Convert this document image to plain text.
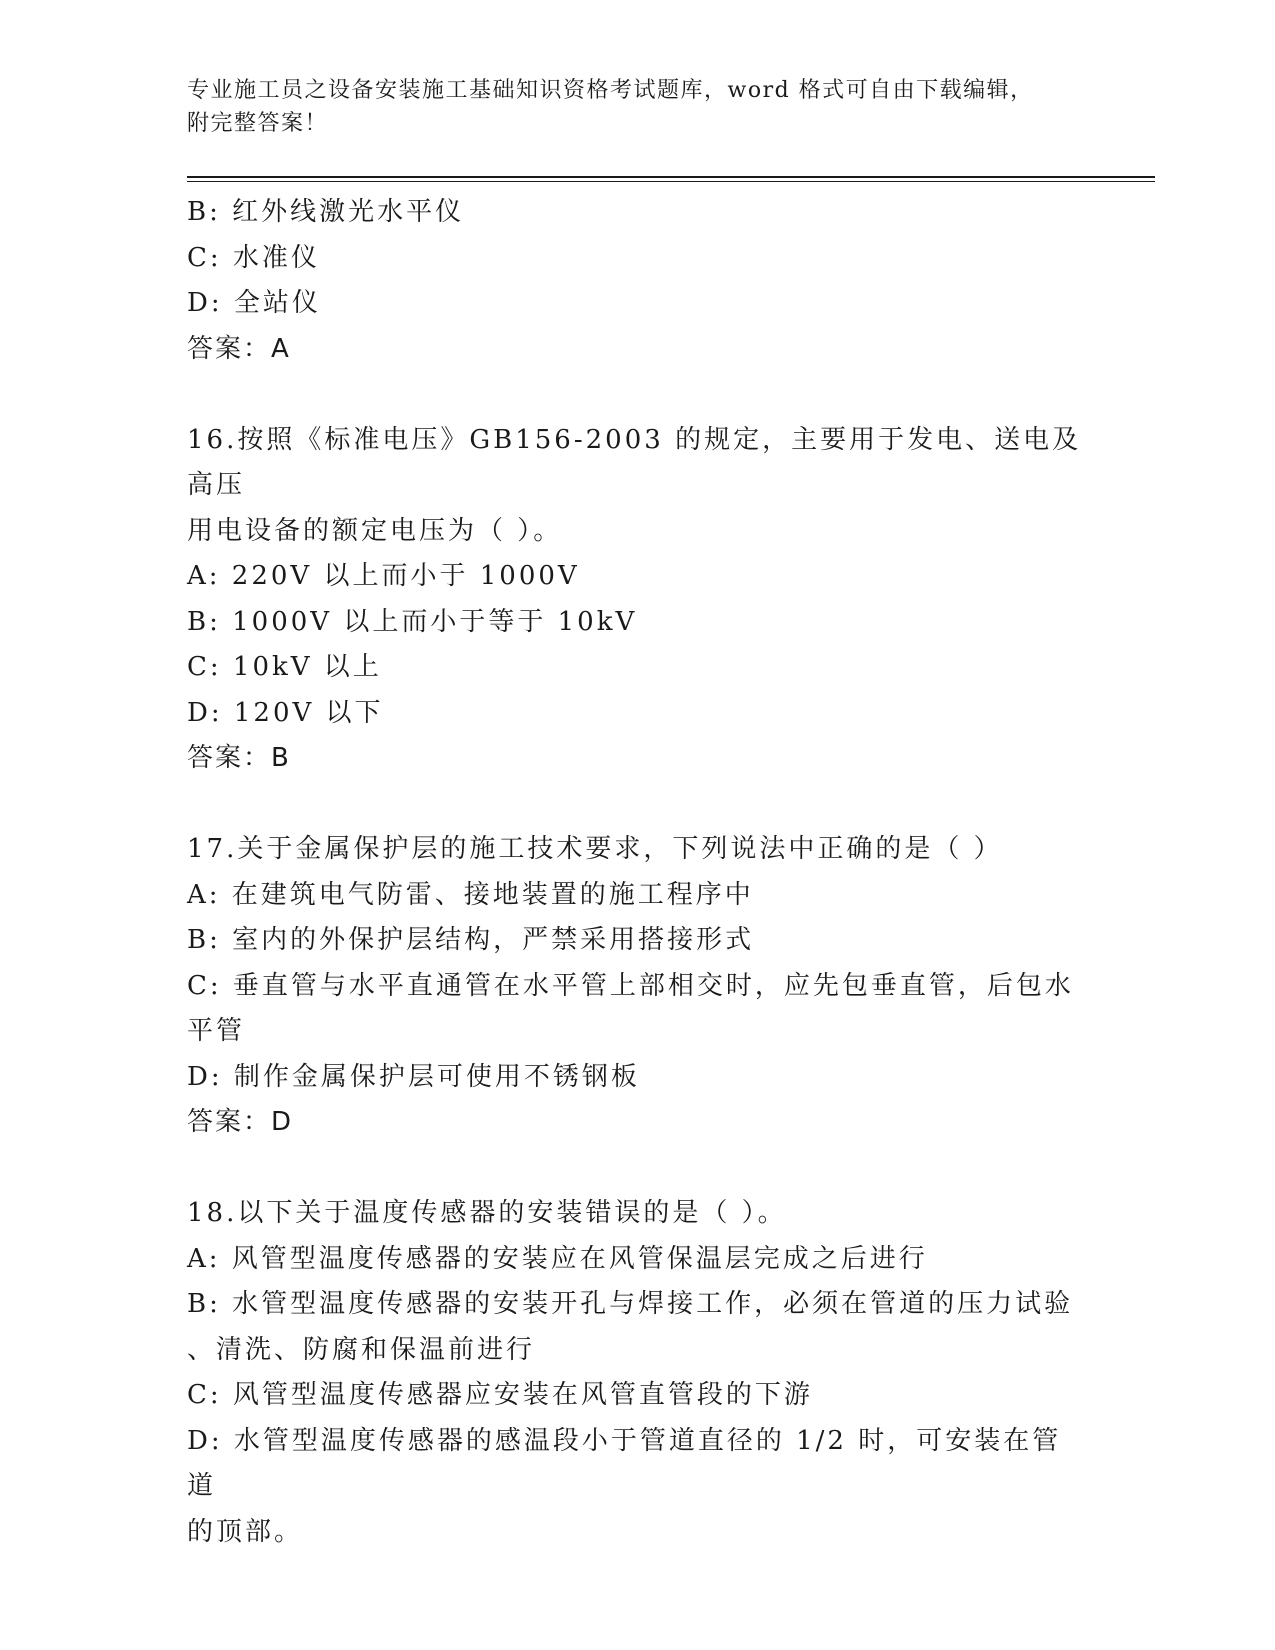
专业施工员之设备安装施工基础知识资格考试题库，word 格式可自由下载编辑，
附完整答案！

B: 红外线激光水平仪

C: 水准仪

D: 全站仪

答案：A

16.按照《标准电压》GB156-2003 的规定，主要用于发电、送电及高压

用电设备的额定电压为（ ）。

A: 220V 以上而小于 1000V

B: 1000V 以上而小于等于 10kV

C: 10kV 以上

D: 120V 以下

答案：B

17.关于金属保护层的施工技术要求，下列说法中正确的是（ ）

A: 在建筑电气防雷、接地装置的施工程序中

B: 室内的外保护层结构，严禁采用搭接形式

C: 垂直管与水平直通管在水平管上部相交时，应先包垂直管，后包水

平管

D: 制作金属保护层可使用不锈钢板

答案：D

18.以下关于温度传感器的安装错误的是（ ）。

A: 风管型温度传感器的安装应在风管保温层完成之后进行

B: 水管型温度传感器的安装开孔与焊接工作，必须在管道的压力试验

、清洗、防腐和保温前进行

C: 风管型温度传感器应安装在风管直管段的下游

D: 水管型温度传感器的感温段小于管道直径的 1/2 时，可安装在管道

的顶部。
